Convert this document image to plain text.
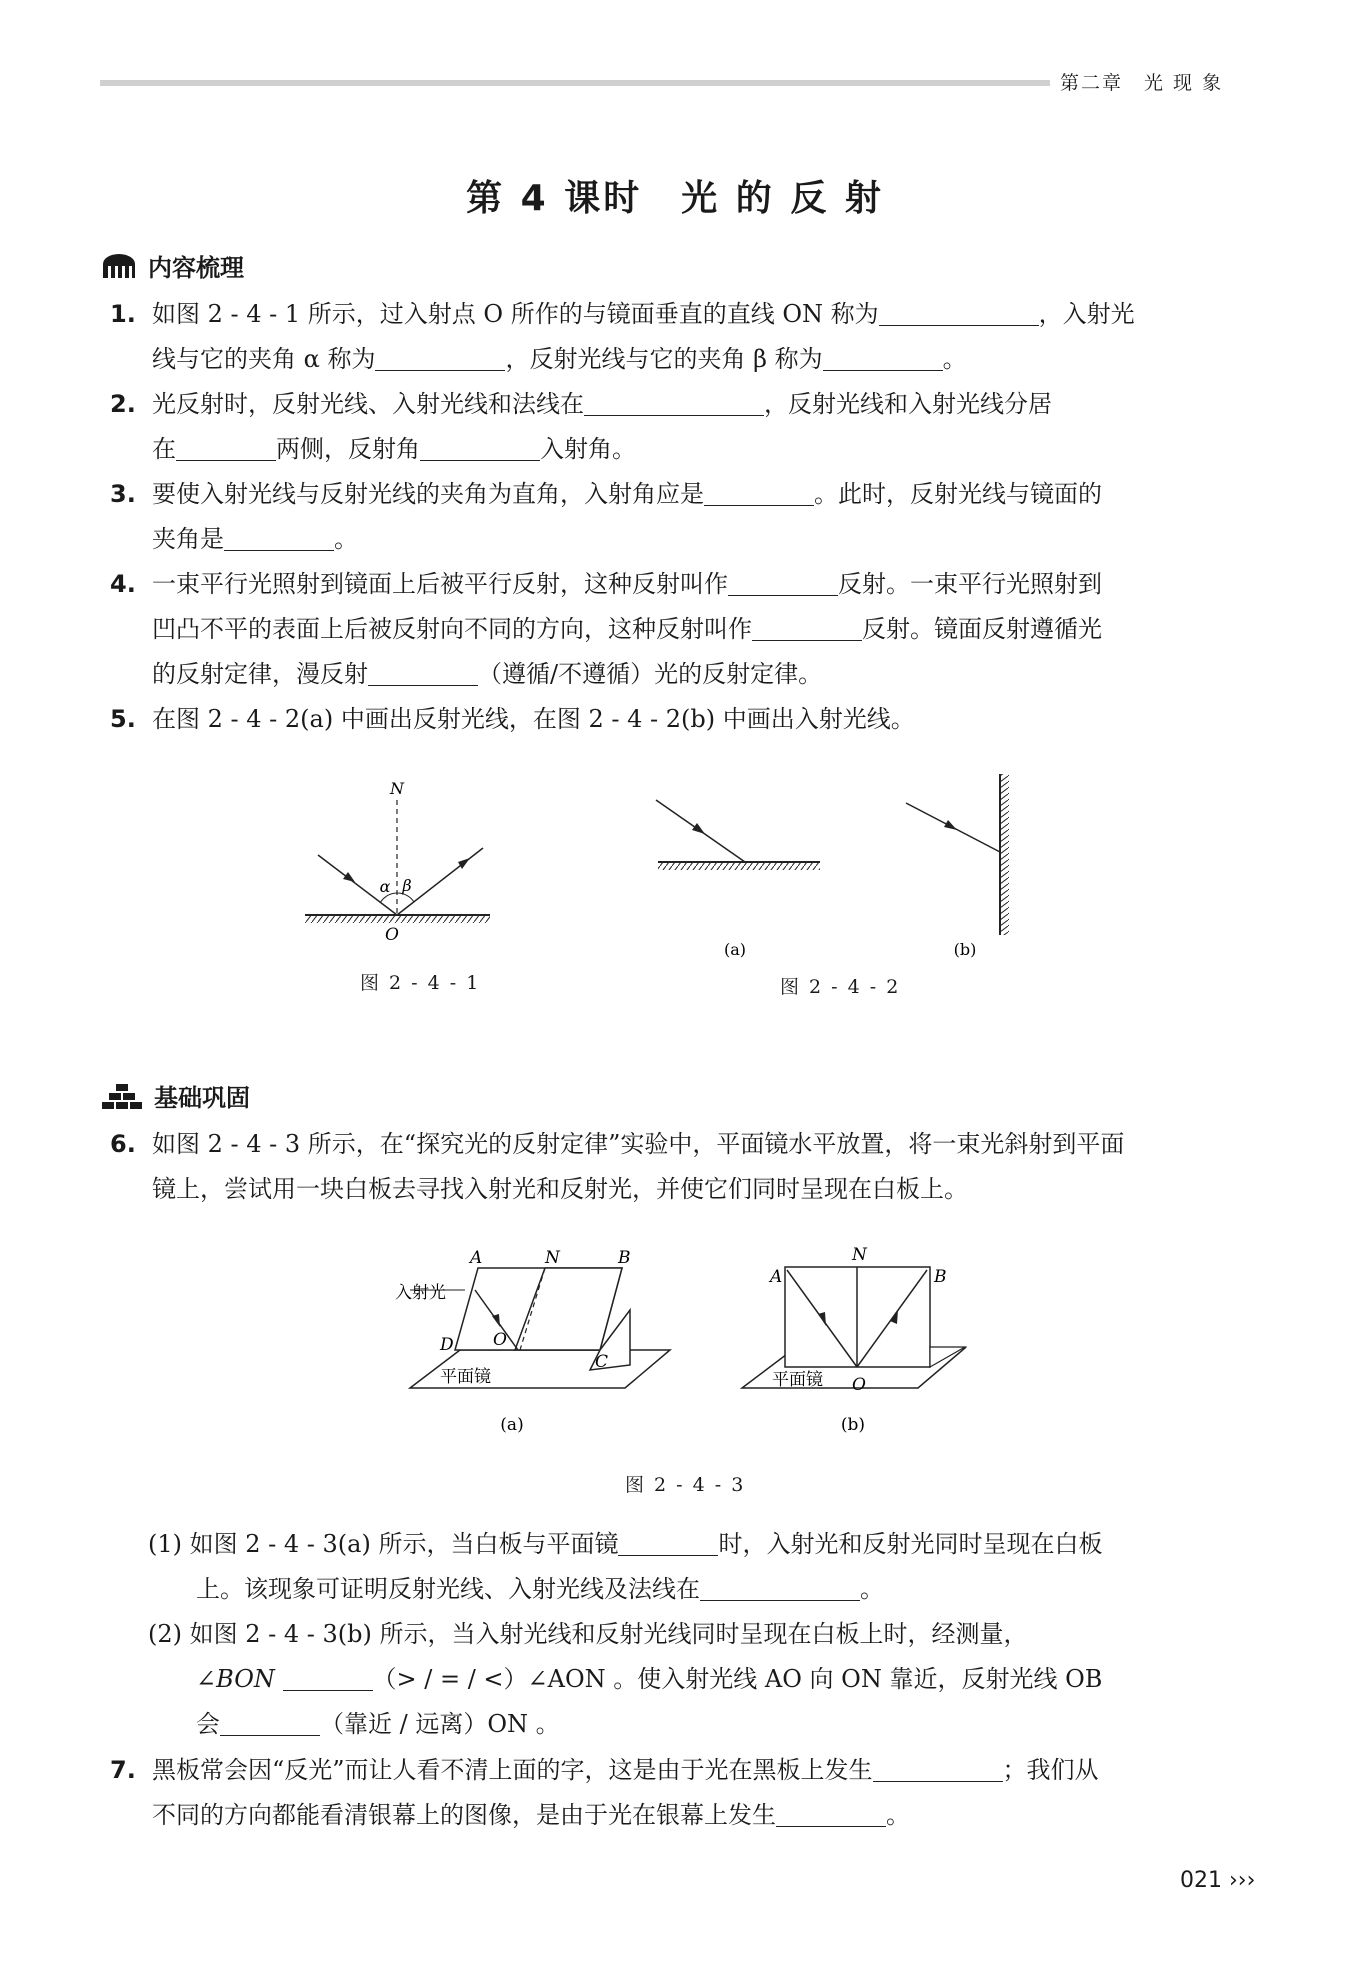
第二章　光 现 象
第 4 课时　光 的 反 射
内容梳理
1. 如图 2 - 4 - 1 所示，过入射点 O 所作的与镜面垂直的直线 ON 称为	，入射光
线与它的夹角 α 称为	，反射光线与它的夹角 β 称为	。
2. 光反射时，反射光线、入射光线和法线在	，反射光线和入射光线分居
在	两侧，反射角	入射角。
3. 要使入射光线与反射光线的夹角为直角，入射角应是	。此时，反射光线与镜面的
夹角是	。
4. 一束平行光照射到镜面上后被平行反射，这种反射叫作	反射。一束平行光照射到
凹凸不平的表面上后被反射向不同的方向，这种反射叫作	反射。镜面反射遵循光
的反射定律，漫反射	（遵循/不遵循）光的反射定律。
5. 在图 2 - 4 - 2(a) 中画出反射光线，在图 2 - 4 - 2(b) 中画出入射光线。
N
O
α β
(a)	(b)
图 2 - 4 - 1	图 2 - 4 - 2
基础巩固
6. 如图 2 - 4 - 3 所示，在“探究光的反射定律”实验中，平面镜水平放置，将一束光斜射到平面
镜上，尝试用一块白板去寻找入射光和反射光，并使它们同时呈现在白板上。
A	N	B
D O
C
入射光
平面镜
(a)
A
N
B
O
平面镜
(b)
图 2 - 4 - 3
(1) 如图 2 - 4 - 3(a) 所示，当白板与平面镜	时，入射光和反射光同时呈现在白板
上。该现象可证明反射光线、入射光线及法线在	。
(2) 如图 2 - 4 - 3(b) 所示，当入射光线和反射光线同时呈现在白板上时，经测量，
∠BON	（> / = / <）∠AON 。使入射光线 AO 向 ON 靠近，反射光线 OB
会	（靠近 / 远离）ON 。
7. 黑板常会因“反光”而让人看不清上面的字，这是由于光在黑板上发生	；我们从
不同的方向都能看清银幕上的图像，是由于光在银幕上发生	。
021 ›››
